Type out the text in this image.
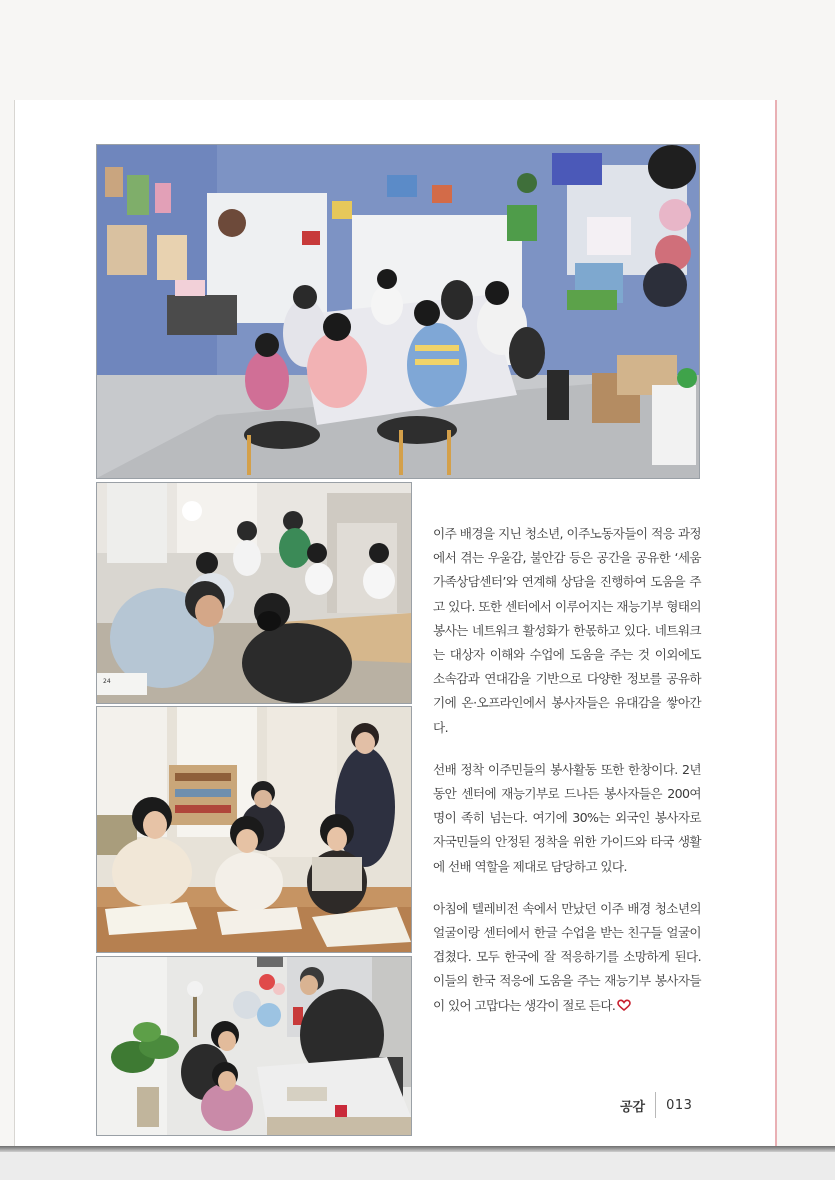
24

이주 배경을 지닌 청소년, 이주노동자들이 적응 과정에서 겪는 우울감, 불안감 등은 공간을 공유한 ‘세움가족상담센터’와 연계해 상담을 진행하여 도움을 주고 있다. 또한 센터에서 이루어지는 재능기부 형태의 봉사는 네트워크 활성화가 한몫하고 있다. 네트워크는 대상자 이해와 수업에 도움을 주는 것 이외에도 소속감과 연대감을 기반으로 다양한 정보를 공유하기에 온·오프라인에서 봉사자들은 유대감을 쌓아간다.

선배 정착 이주민들의 봉사활동 또한 한창이다. 2년 동안 센터에 재능기부로 드나든 봉사자들은 200여 명이 족히 넘는다. 여기에 30%는 외국인 봉사자로 자국민들의 안정된 정착을 위한 가이드와 타국 생활에 선배 역할을 제대로 담당하고 있다.

아침에 텔레비전 속에서 만났던 이주 배경 청소년의 얼굴이랑 센터에서 한글 수업을 받는 친구들 얼굴이 겹쳤다. 모두 한국에 잘 적응하기를 소망하게 된다. 이들의 한국 적응에 도움을 주는 재능기부 봉사자들이 있어 고맙다는 생각이 절로 든다.

공감	013
